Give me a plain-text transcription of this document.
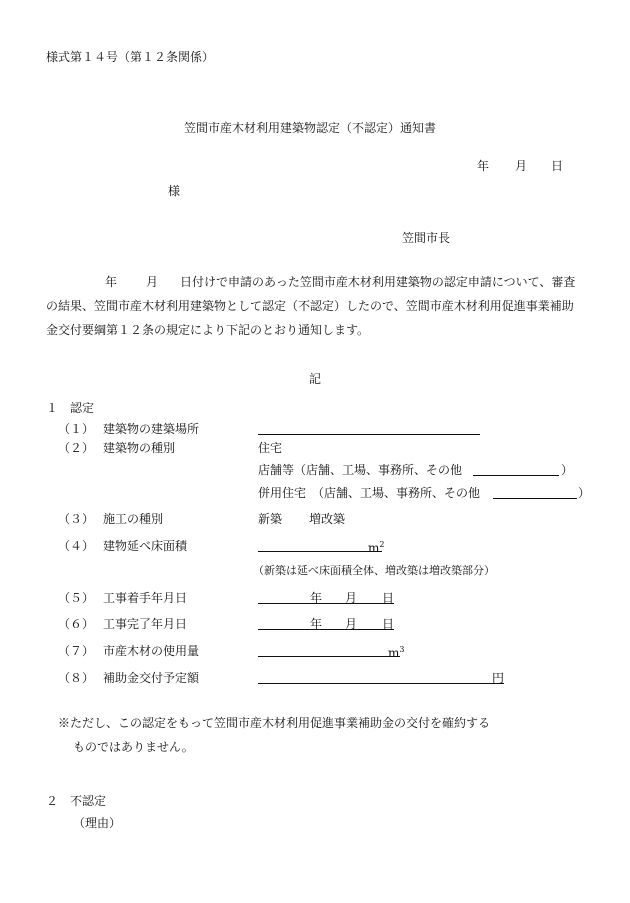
様式第１４号（第１２条関係）
笠間市産木材利用建築物認定（不認定）通知書
年 月 日
様
笠間市長
年 月 日付けで申請のあった笠間市産木材利用建築物の認定申請について、審査
の結果、笠間市産木材利用建築物として認定（不認定）したので、笠間市産木材利用促進事業補助
金交付要綱第１２条の規定により下記のとおり通知します。
記
１　認定
（１） 建築物の建築場所
（２） 建築物の種別	住宅
店舗等（店舗、工場、事務所、その他	）
併用住宅　（店舗、工場、事務所、その他	）
（３） 施工の種別	新築 増改築
（４） 建物延べ床面積	$m^2$
（新築は延べ床面積全体、増改築は増改築部分）
（５） 工事着手年月日	年 月 日
（６） 工事完了年月日	年 月 日
（７） 市産木材の使用量	$m^3$
（８） 補助金交付予定額	円
※ただし、この認定をもって笠間市産木材利用促進事業補助金の交付を確約する
ものではありません。
２　不認定
（理由）
